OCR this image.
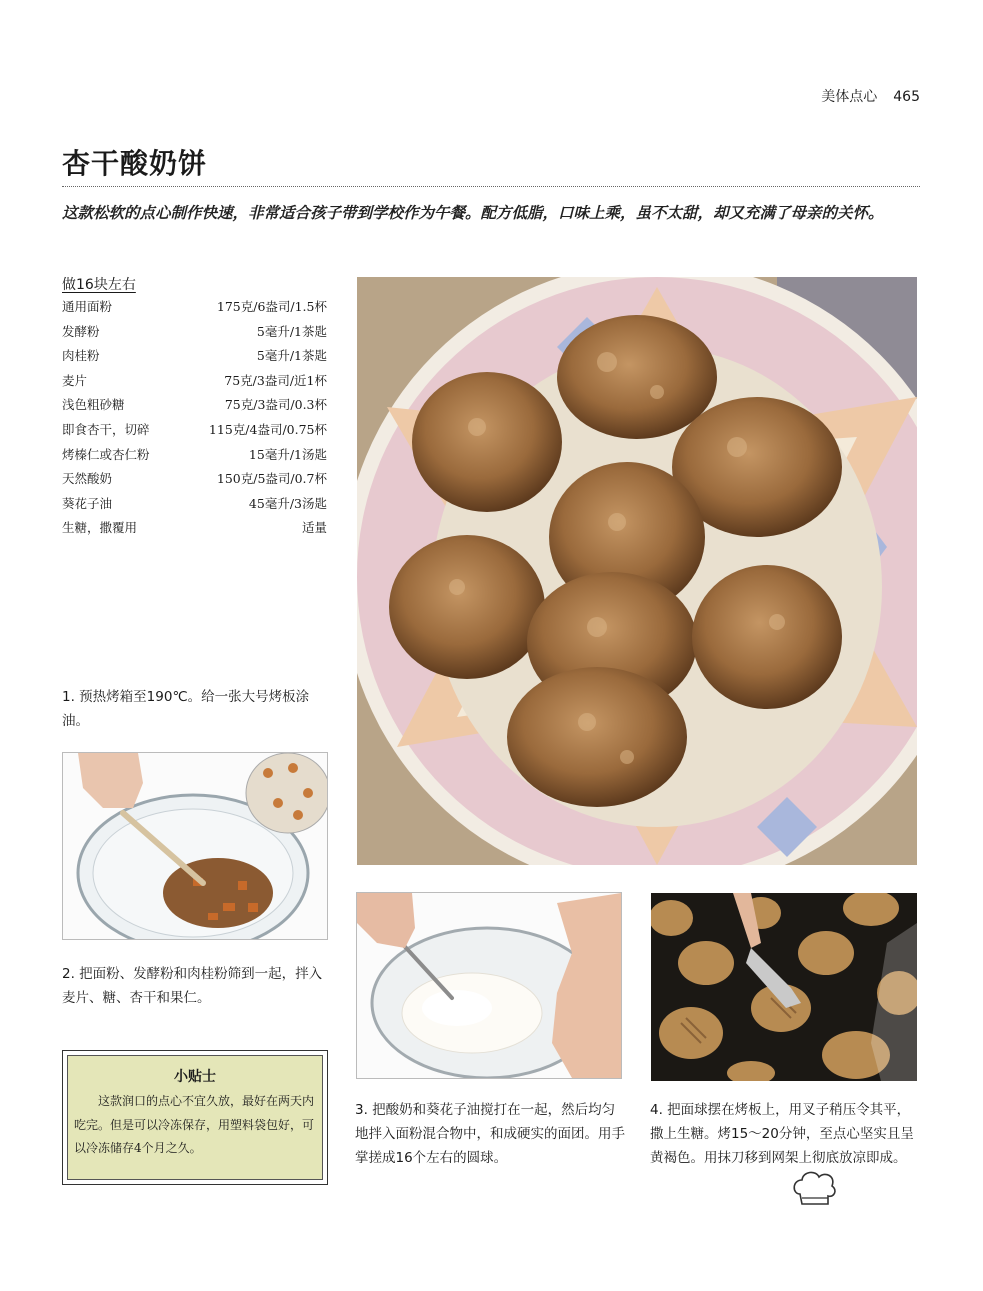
美体点心 465
杏干酸奶饼
这款松软的点心制作快速，非常适合孩子带到学校作为午餐。配方低脂，口味上乘，虽不太甜，却又充满了母亲的关怀。
做16块左右
通用面粉	175克/6盎司/1.5杯
发酵粉	5毫升/1茶匙
肉桂粉	5毫升/1茶匙
麦片	75克/3盎司/近1杯
浅色粗砂糖	75克/3盎司/0.3杯
即食杏干，切碎	115克/4盎司/0.75杯
烤榛仁或杏仁粉	15毫升/1汤匙
天然酸奶	150克/5盎司/0.7杯
葵花子油	45毫升/3汤匙
生糖，撒覆用	适量
1. 预热烤箱至190℃。给一张大号烤板涂油。
2. 把面粉、发酵粉和肉桂粉筛到一起，拌入麦片、糖、杏干和果仁。
小贴士
这款润口的点心不宜久放，最好在两天内吃完。但是可以冷冻保存，用塑料袋包好，可以冷冻储存4个月之久。
3. 把酸奶和葵花子油搅打在一起，然后均匀地拌入面粉混合物中，和成硬实的面团。用手掌搓成16个左右的圆球。
4. 把面球摆在烤板上，用叉子稍压令其平，撒上生糖。烤15～20分钟，至点心坚实且呈黄褐色。用抹刀移到网架上彻底放凉即成。
